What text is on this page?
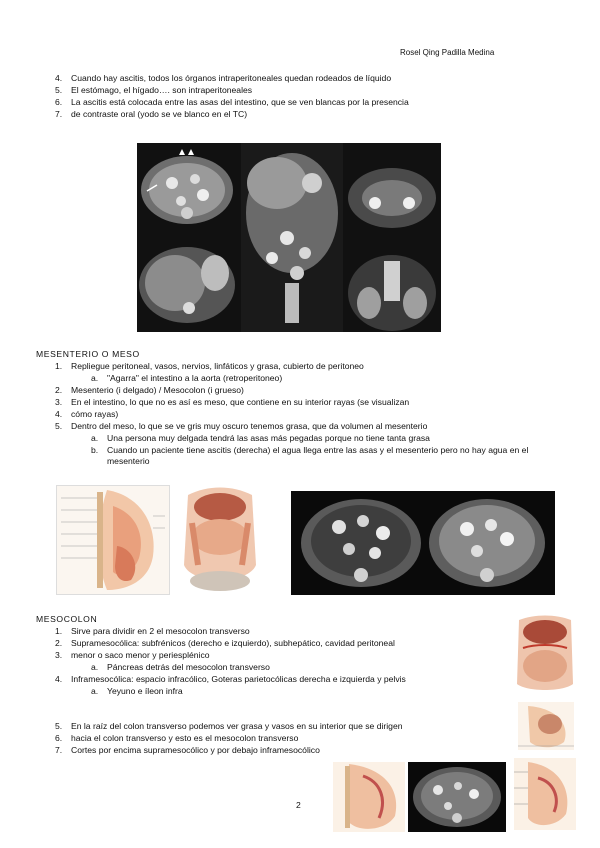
Rosel Qing Padilla Medina
4. Cuando hay ascitis, todos los órganos intraperitoneales quedan rodeados de líquido
5. El estómago, el hígado…. son intraperitoneales
6. La ascitis está colocada entre las asas del intestino, que se ven blancas por la presencia
7. de contraste oral (yodo se ve blanco en el TC)
MESENTERIO O MESO
1. Repliegue peritoneal, vasos, nervios, linfáticos y grasa, cubierto de peritoneo
a. "Agarra" el intestino a la aorta (retroperitoneo)
2. Mesenterio (i delgado) / Mesocolon (i grueso)
3. En el intestino, lo que no es así es meso, que contiene en su interior rayas (se visualizan
4. cómo rayas)
5. Dentro del meso, lo que se ve gris muy oscuro tenemos grasa, que da volumen al mesenterio
a. Una persona muy delgada tendrá las asas más pegadas porque no tiene tanta grasa
b.	Cuando un paciente tiene ascitis (derecha) el agua llega entre las asas y el mesenterio pero no hay agua en el mesenterio
MESOCOLON
1. Sirve para dividir en 2 el mesocolon transverso
2. Supramesocólica: subfrénicos (derecho e izquierdo), subhepático, cavidad peritoneal
3. menor o saco menor y periesplénico
a. Páncreas detrás del mesocolon transverso
4. Inframesocólica: espacio infracólico, Goteras parietocólicas derecha e izquierda y pelvis
a. Yeyuno e íleon infra
5. En la raíz del colon transverso podemos ver grasa y vasos en su interior que se dirigen
6. hacia el colon transverso y esto es el mesocolon transverso
7. Cortes por encima supramesocólico y por debajo inframesocólico
2
